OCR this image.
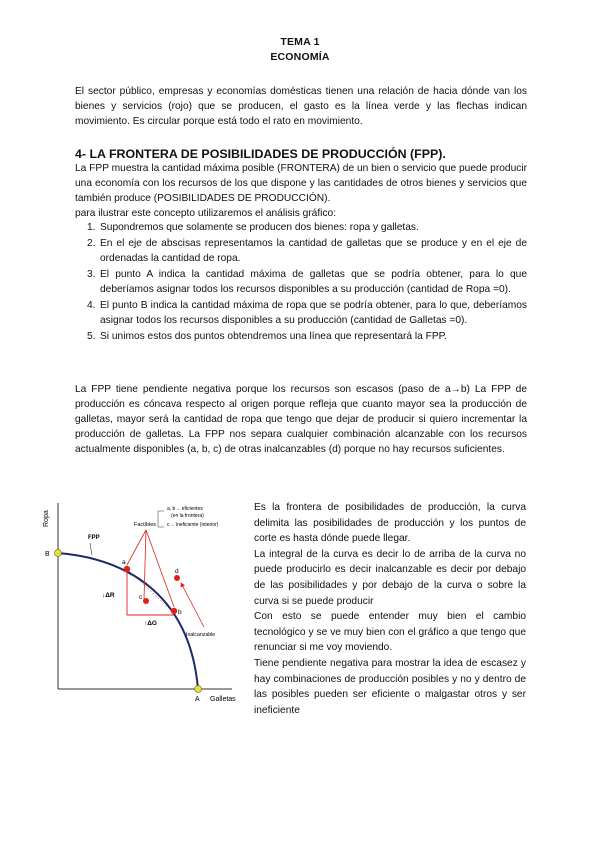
TEMA 1
ECONOMÍA
El sector público, empresas y economías domésticas tienen una relación de hacia dónde van los bienes y servicios (rojo) que se producen, el gasto es la línea verde y las flechas indican movimiento. Es circular porque está todo el rato en movimiento.
4- LA FRONTERA DE POSIBILIDADES DE PRODUCCIÓN (FPP).
La FPP muestra la cantidad máxima posible (FRONTERA) de un bien o servicio que puede producir una economía con los recursos de los que dispone y las cantidades de otros bienes y servicios que también produce (POSIBILIDADES DE PRODUCCIÓN).
para ilustrar este concepto utilizaremos el análisis gráfico:
1. Supondremos que solamente se producen dos bienes: ropa y galletas.
2. En el eje de abscisas representamos la cantidad de galletas que se produce y en el eje de ordenadas la cantidad de ropa.
3. El punto A indica la cantidad máxima de galletas que se podría obtener, para lo que deberíamos asignar todos los recursos disponibles a su producción (cantidad de Ropa =0).
4. El punto B indica la cantidad máxima de ropa que se podría obtener, para lo que, deberíamos asignar todos los recursos disponibles a su producción (cantidad de Galletas =0).
5. Si unimos estos dos puntos obtendremos una línea que representará la FPP.
La FPP tiene pendiente negativa porque los recursos son escasos (paso de a→b) La FPP de producción es cóncava respecto al origen porque refleja que cuanto mayor sea la producción de galletas, mayor será la cantidad de ropa que tengo que dejar de producir si quiero incrementar la producción de galletas. La FPP nos separa cualquier combinación alcanzable con los recursos actualmente disponibles (a, b, c) de otras inalcanzables (d) porque no hay recursos suficientes.
Ropa
Galletas
FPP
B
A
Factibles
a, b→ eficientes
(en la frontera)
c→ ineficiente (interior)
↓ΔR
↑ΔG
a
b
c
d
Inalcanzable
Es la frontera de posibilidades de producción, la curva delimita las posibilidades de producción y los puntos de corte es hasta dónde puede llegar.
La integral de la curva es decir lo de arriba de la curva no puede producirlo es decir inalcanzable es decir por debajo de las posibilidades y por debajo de la curva o sobre la curva si se puede producir
Con esto se puede entender muy bien el cambio tecnológico y se ve muy bien con el gráfico a que tengo que renunciar si me voy moviendo.
Tiene pendiente negativa para mostrar la idea de escasez y hay combinaciones de producción posibles y no y dentro de las posibles pueden ser eficiente o malgastar otros y ser ineficiente
